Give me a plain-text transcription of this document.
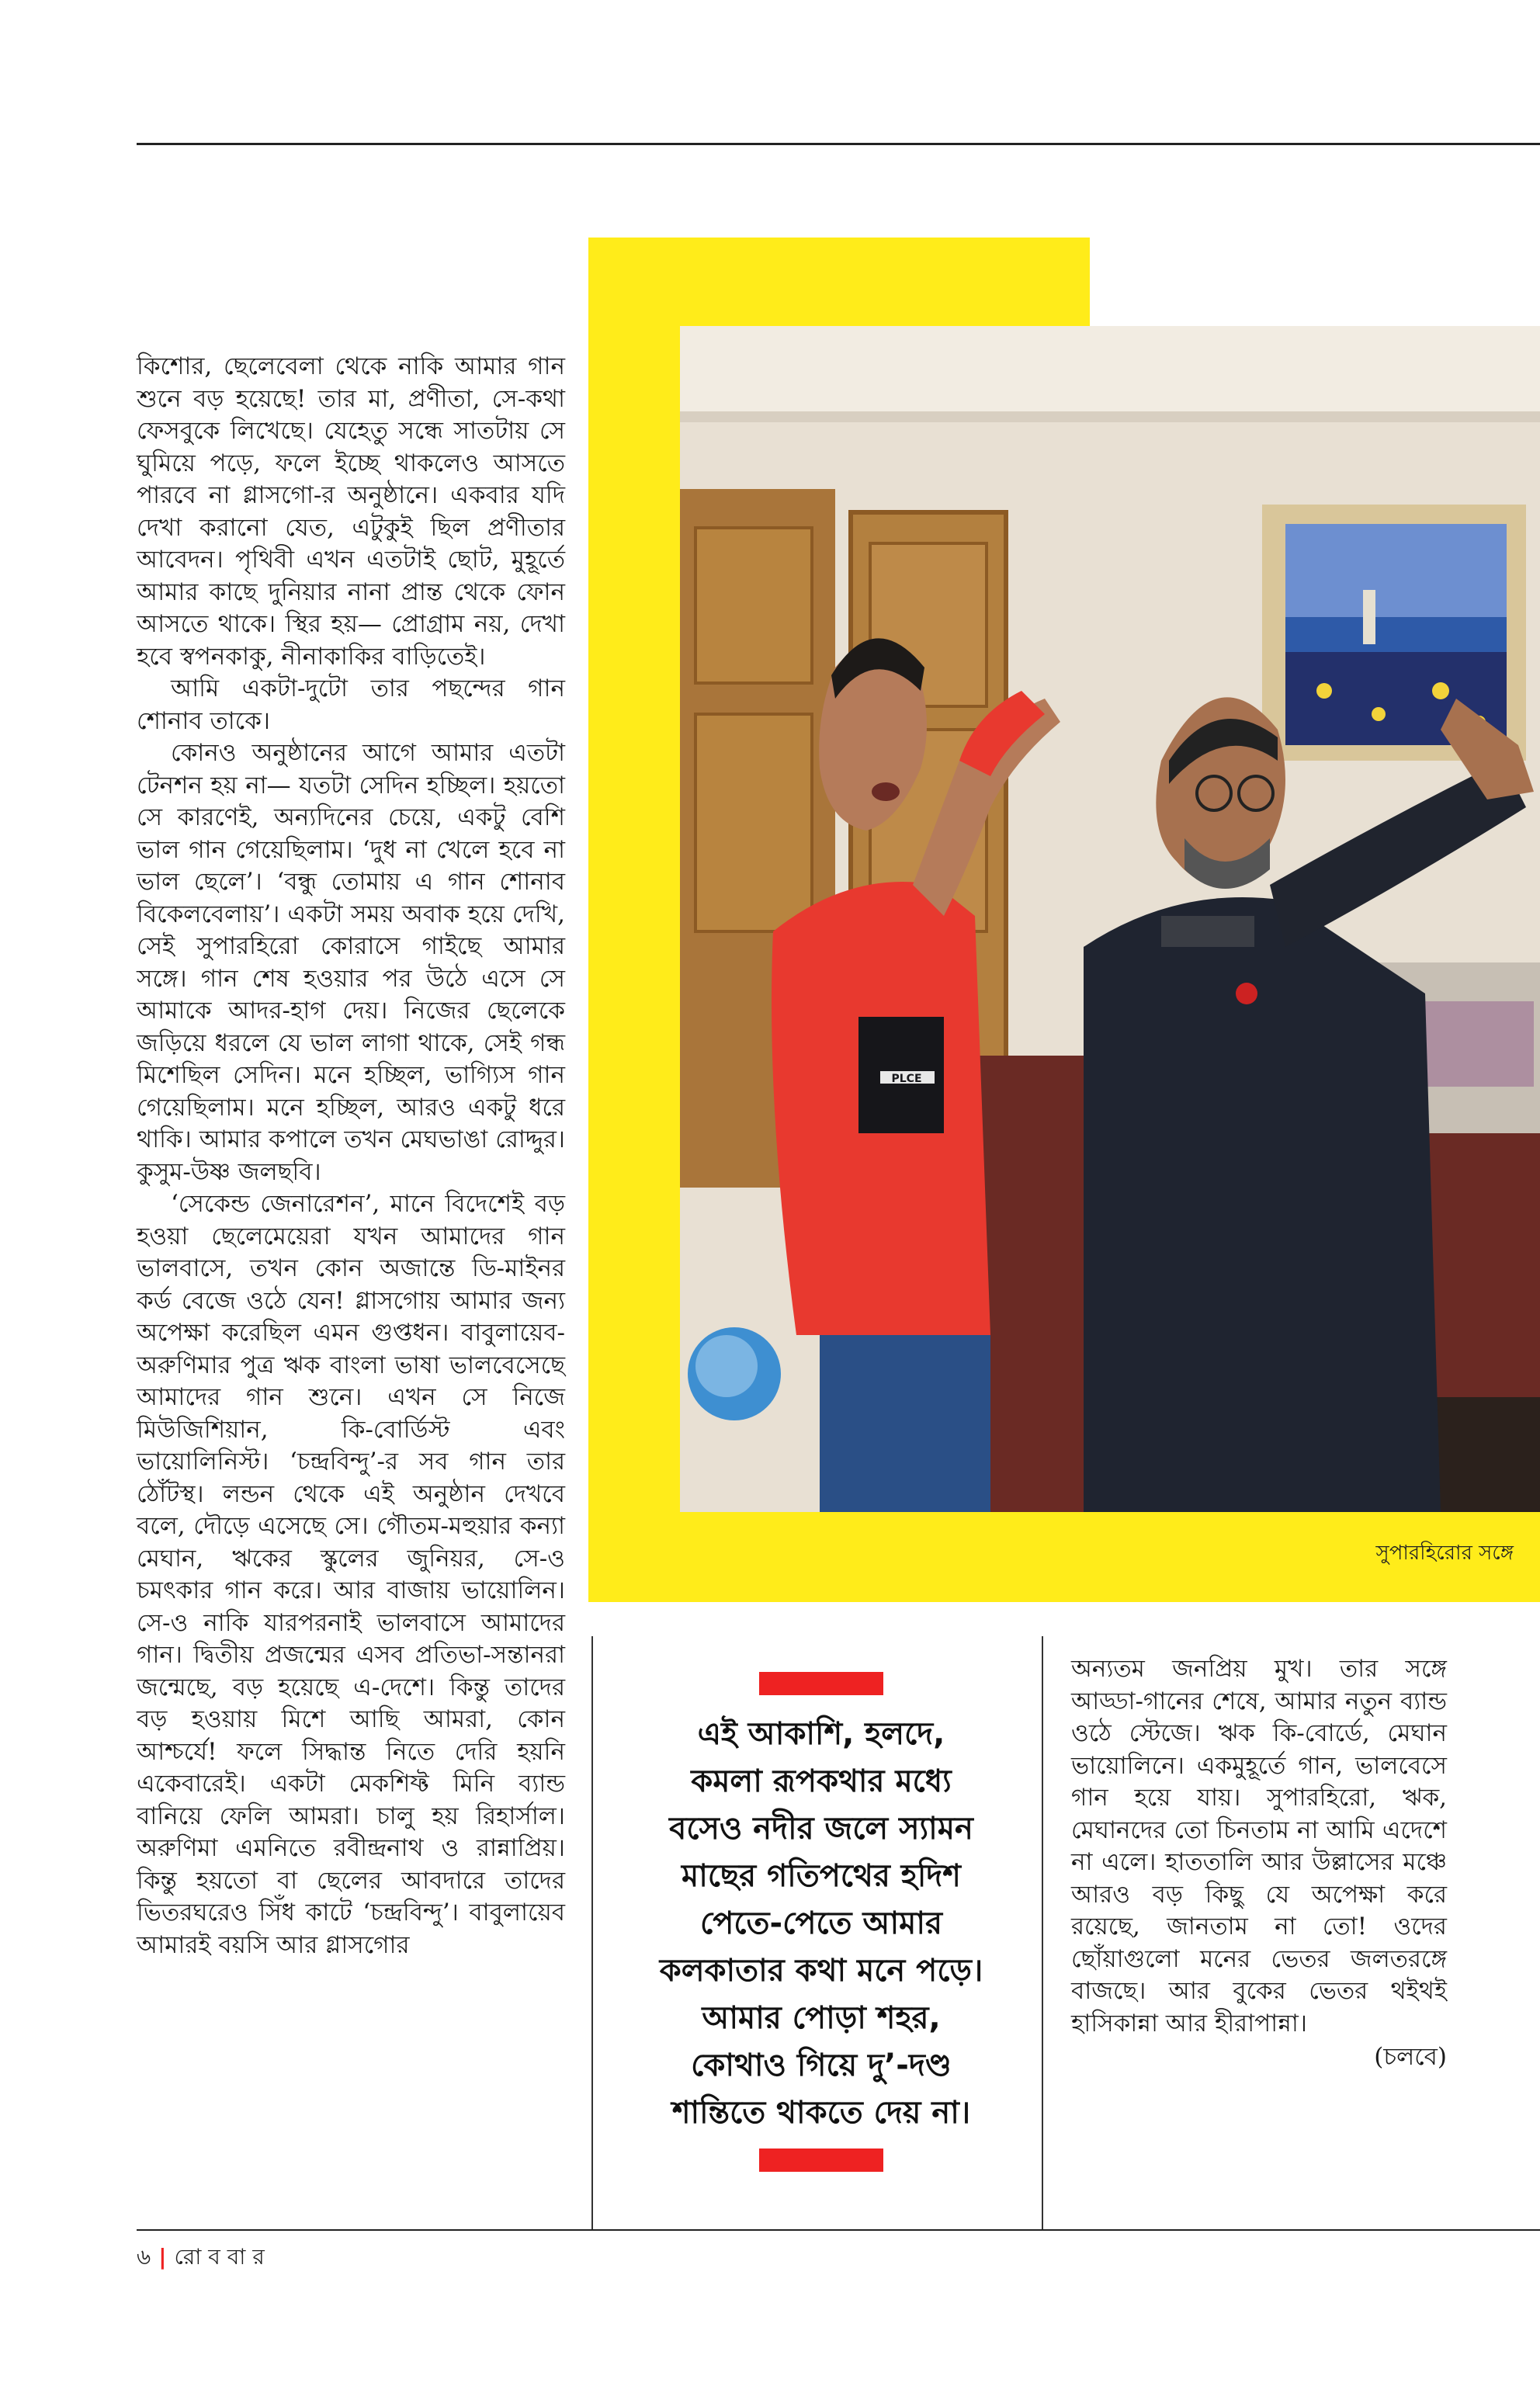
PLCE
সুপারহিরোর সঙ্গে

কিশোর, ছেলেবেলা থেকে নাকি আমার গান শুনে বড় হয়েছে! তার মা, প্রণীতা, সে-কথা ফেসবুকে লিখেছে। যেহেতু সন্ধে সাতটায় সে ঘুমিয়ে পড়ে, ফলে ইচ্ছে থাকলেও আসতে পারবে না গ্লাসগো-র অনুষ্ঠানে। একবার যদি দেখা করানো যেত, এটুকুই ছিল প্রণীতার আবেদন। পৃথিবী এখন এতটাই ছোট, মুহূর্তে আমার কাছে দুনিয়ার নানা প্রান্ত থেকে ফোন আসতে থাকে। স্থির হয়— প্রোগ্রাম নয়, দেখা হবে স্বপনকাকু, নীনাকাকির বাড়িতেই।

আমি একটা-দুটো তার পছন্দের গান শোনাব তাকে।

কোনও অনুষ্ঠানের আগে আমার এতটা টেনশন হয় না— যতটা সেদিন হচ্ছিল। হয়তো সে কারণেই, অন্যদিনের চেয়ে, একটু বেশি ভাল গান গেয়েছিলাম। ‘দুধ না খেলে হবে না ভাল ছেলে’। ‘বন্ধু তোমায় এ গান শোনাব বিকেলবেলায়’। একটা সময় অবাক হয়ে দেখি, সেই সুপারহিরো কোরাসে গাইছে আমার সঙ্গে। গান শেষ হওয়ার পর উঠে এসে সে আমাকে আদর-হাগ দেয়। নিজের ছেলেকে জড়িয়ে ধরলে যে ভাল লাগা থাকে, সেই গন্ধ মিশেছিল সেদিন। মনে হচ্ছিল, ভাগ্যিস গান গেয়েছিলাম। মনে হচ্ছিল, আরও একটু ধরে থাকি। আমার কপালে তখন মেঘভাঙা রোদ্দুর। কুসুম-উষ্ণ জলছবি।

‘সেকেন্ড জেনারেশন’, মানে বিদেশেই বড় হওয়া ছেলেমেয়েরা যখন আমাদের গান ভালবাসে, তখন কোন অজান্তে ডি-মাইনর কর্ড বেজে ওঠে যেন! গ্লাসগোয় আমার জন্য অপেক্ষা করেছিল এমন গুপ্তধন। বাবুলায়েব-অরুণিমার পুত্র ঋক বাংলা ভাষা ভালবেসেছে আমাদের গান শুনে। এখন সে নিজে মিউজিশিয়ান, কি-বোর্ডিস্ট এবং ভায়োলিনিস্ট। ‘চন্দ্রবিন্দু’-র সব গান তার ঠোঁটস্থ। লন্ডন থেকে এই অনুষ্ঠান দেখবে বলে, দৌড়ে এসেছে সে। গৌতম-মহুয়ার কন্যা মেঘান, ঋকের স্কুলের জুনিয়র, সে-ও চমৎকার গান করে। আর বাজায় ভায়োলিন। সে-ও নাকি যারপরনাই ভালবাসে আমাদের গান। দ্বিতীয় প্রজন্মের এসব প্রতিভা-সন্তানরা জন্মেছে, বড় হয়েছে এ-দেশে। কিন্তু তাদের বড় হওয়ায় মিশে আছি আমরা, কোন আশ্চর্যে! ফলে সিদ্ধান্ত নিতে দেরি হয়নি একেবারেই। একটা মেকশিফ্ট মিনি ব্যান্ড বানিয়ে ফেলি আমরা। চালু হয় রিহার্সাল। অরুণিমা এমনিতে রবীন্দ্রনাথ ও রান্নাপ্রিয়। কিন্তু হয়তো বা ছেলের আবদারে তাদের ভিতরঘরেও সিঁধ কাটে ‘চন্দ্রবিন্দু’। বাবুলায়েব আমারই বয়সি আর গ্লাসগোর

এই আকাশি, হলদে,
কমলা রূপকথার মধ্যে
বসেও নদীর জলে স্যামন
মাছের গতিপথের হদিশ
পেতে-পেতে আমার
কলকাতার কথা মনে পড়ে।
আমার পোড়া শহর,
কোথাও গিয়ে দু’-দণ্ড
শান্তিতে থাকতে দেয় না।

অন্যতম জনপ্রিয় মুখ। তার সঙ্গে আড্ডা-গানের শেষে, আমার নতুন ব্যান্ড ওঠে স্টেজে। ঋক কি-বোর্ডে, মেঘান ভায়োলিনে। একমুহূর্তে গান, ভালবেসে গান হয়ে যায়। সুপারহিরো, ঋক, মেঘানদের তো চিনতাম না আমি এদেশে না এলে। হাততালি আর উল্লাসের মঞ্চে আরও বড় কিছু যে অপেক্ষা করে রয়েছে, জানতাম না তো! ওদের ছোঁয়াগুলো মনের ভেতর জলতরঙ্গে বাজছে। আর বুকের ভেতর থইথই হাসিকান্না আর হীরাপান্না।

(চলবে)
৬ | রো ব বা র
